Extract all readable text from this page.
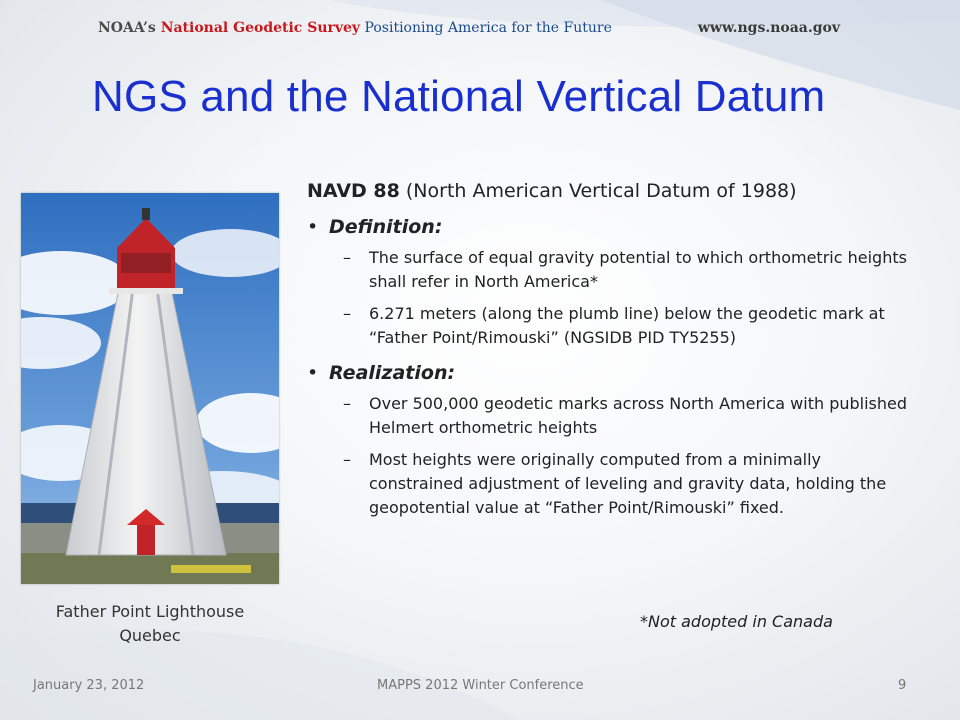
NOAA’s National Geodetic Survey Positioning America for the Future	www.ngs.noaa.gov
NGS and the National Vertical Datum
Father Point Lighthouse
Quebec
NAVD 88 (North American Vertical Datum of 1988)
• Definition:
– The surface of equal gravity potential to which orthometric heights shall refer in North America*
– 6.271 meters (along the plumb line) below the geodetic mark at “Father Point/Rimouski” (NGSIDB PID TY5255)
• Realization:
– Over 500,000 geodetic marks across North America with published Helmert orthometric heights
– Most heights were originally computed from a minimally constrained adjustment of leveling and gravity data, holding the geopotential value at “Father Point/Rimouski” fixed.
*Not adopted in Canada
January 23, 2012	MAPPS 2012 Winter Conference	9
